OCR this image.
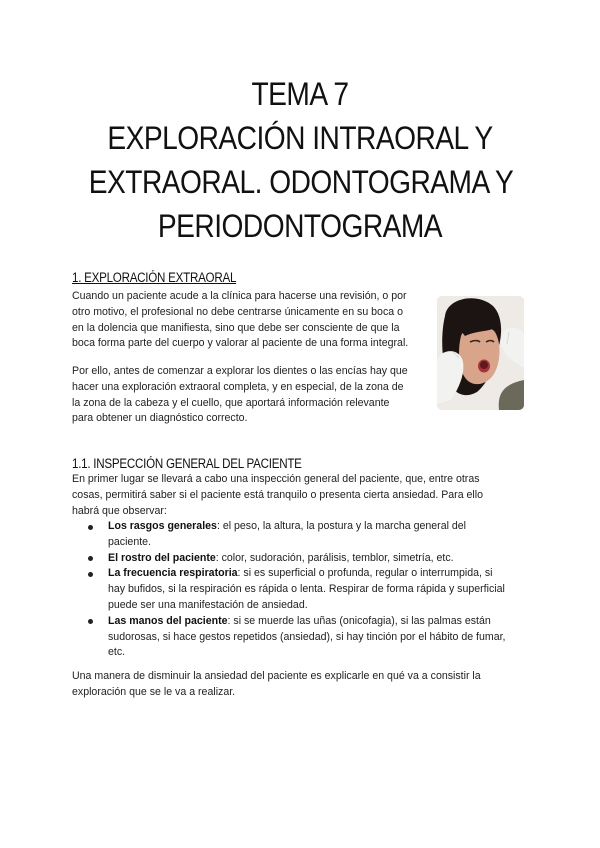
TEMA 7
EXPLORACIÓN INTRAORAL Y
EXTRAORAL. ODONTOGRAMA Y
PERIODONTOGRAMA
1. EXPLORACIÓN EXTRAORAL

Cuando un paciente acude a la clínica para hacerse una revisión, o por
otro motivo, el profesional no debe centrarse únicamente en su boca o
en la dolencia que manifiesta, sino que debe ser consciente de que la
boca forma parte del cuerpo y valorar al paciente de una forma integral.

Por ello, antes de comenzar a explorar los dientes o las encías hay que
hacer una exploración extraoral completa, y en especial, de la zona de
la zona de la cabeza y el cuello, que aportará información relevante
para obtener un diagnóstico correcto.

1.1. INSPECCIÓN GENERAL DEL PACIENTE

En primer lugar se llevará a cabo una inspección general del paciente, que, entre otras
cosas, permitirá saber si el paciente está tranquilo o presenta cierta ansiedad. Para ello
habrá que observar:

Los rasgos generales: el peso, la altura, la postura y la marcha general del
paciente.
El rostro del paciente: color, sudoración, parálisis, temblor, simetría, etc.
La frecuencia respiratoria: si es superficial o profunda, regular o interrumpida, si
hay bufidos, si la respiración es rápida o lenta. Respirar de forma rápida y superficial
puede ser una manifestación de ansiedad.
Las manos del paciente: si se muerde las uñas (onicofagia), si las palmas están
sudorosas, si hace gestos repetidos (ansiedad), si hay tinción por el hábito de fumar,
etc.

Una manera de disminuir la ansiedad del paciente es explicarle en qué va a consistir la
exploración que se le va a realizar.
